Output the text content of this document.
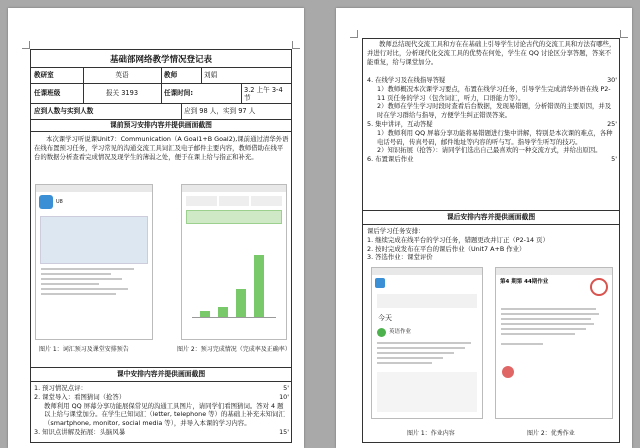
基础部网络教学情况登记表
教研室	英语	教师	刘娟
任课班级	报关 3193	任课时间:	3.2 上午 3-4 节
应到人数与实到人数	应到 98 人，实到 97 人
课前预习安排内容并提供画面截图
本次课学习听说课Unit7：Communication（A Goal1+B Goal2),课前通过清华外语在线布置预习任务，学习常见的沟通交流工具词汇及电子邮件主要内容，教师借助在线平台的数据分析查看完成情况及现学生的薄弱之处，便于在课上给与指正和补充。
U8
图片 1：词汇预习及课堂安排预告	图片 2：预习完成情况（完成率及正确率）
课中安排内容并提供画面截图
1. 预习情况点评：	5'
2. 课堂导入：看图猜词（抢答）	10'

教师利用 QQ 屏幕分享功能展保常见的沟通工具图片，请同学们看图猜词。答对 4 题以上给与课堂加分。在学生已知词汇（letter, telephone 等）的基础上补充未知词汇（smartphone, monitor, social media 等），并导入本课的学习内容。

3. 知识点讲解及拓展：头脑风暴	15'
教师总结现代交流工具和方在在基础上引导学生讨论古代的交流工具和方法有哪些，并进行对比，分析现代化交流工具的优势在何处，学生在 QQ 讨论区分享答题，答案不能重复，给与课堂加分。
4. 在线学习及在线指导答疑	30'

1）教师概况本次课学习要点，布置在线学习任务，引导学生完成清华外语在线 P2-11 页任务的学习（包含词汇，听力，口语能力等）。

2）教师在学生学习时段时查看后台数据，发现易错题，分析错误的主要原因，并及时在学习群给与指导，方便学生纠正错误答案。

5. 集中讲评，互动答疑	25'

1）教师利用 QQ 屏幕分享功能将易错题进行集中讲解，特别是本次课的难点，各种电话号码，传真号码，邮件地址等内容的听与写。指导学生听写的技巧。

2）知识拓展（抢答）：请同学们选出自己最喜欢的一种交流方式，并给出原因。

6. 布置课后作业	5'
课后安排内容并提供画面截图

课后学习任务安排：

1. 继续完成在线平台的学习任务，错题更改并订正（P2-14 页）

2. 按时完成发布在平台的课后作业（Unit7 A+B 作业）

3. 答选作业：课堂评价

今天
英语作业
第4 期第 44期作业
图片 1：作业内容	图片 2：优秀作业
